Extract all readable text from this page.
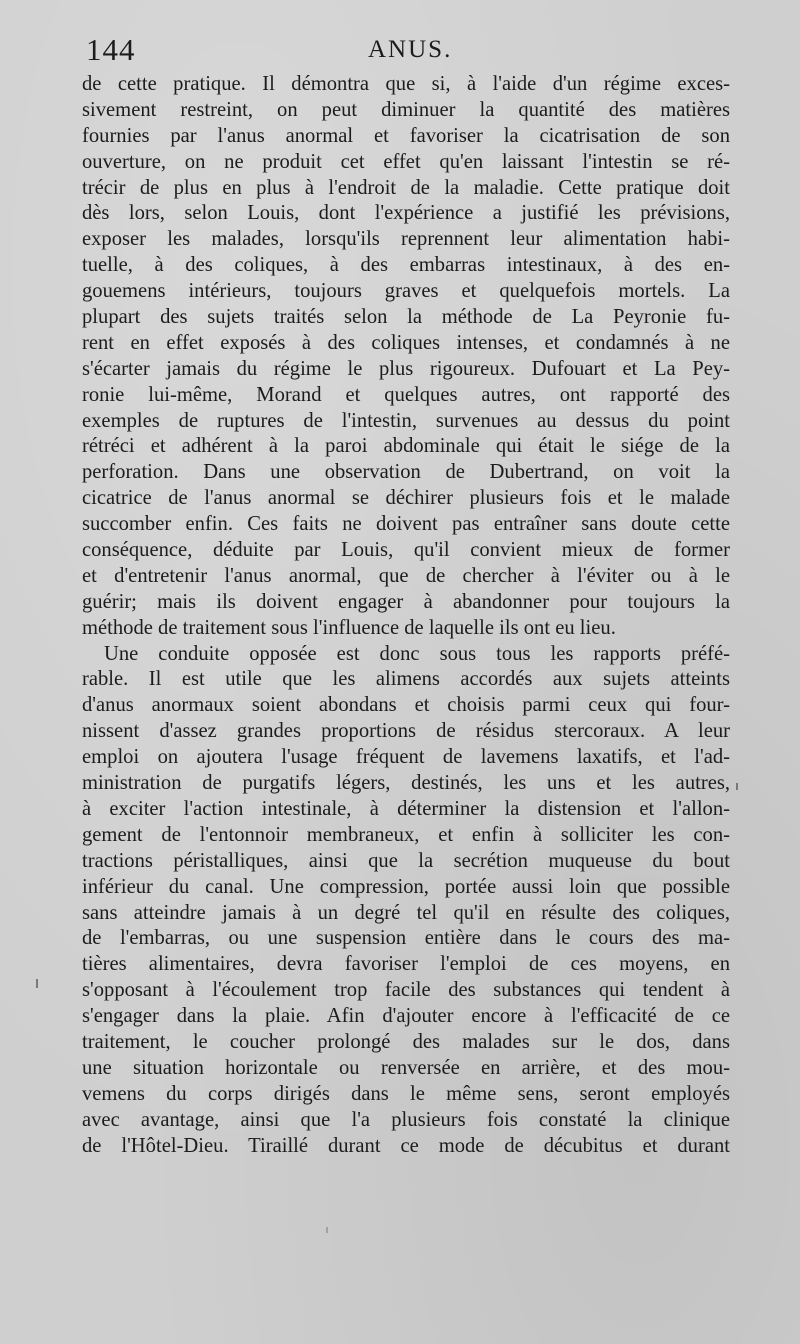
144	ANUS.
de cette pratique. Il démontra que si, à l'aide d'un régime exces-
sivement restreint, on peut diminuer la quantité des matières
fournies par l'anus anormal et favoriser la cicatrisation de son
ouverture, on ne produit cet effet qu'en laissant l'intestin se ré-
trécir de plus en plus à l'endroit de la maladie. Cette pratique doit
dès lors, selon Louis, dont l'expérience a justifié les prévisions,
exposer les malades, lorsqu'ils reprennent leur alimentation habi-
tuelle, à des coliques, à des embarras intestinaux, à des en-
gouemens intérieurs, toujours graves et quelquefois mortels. La
plupart des sujets traités selon la méthode de La Peyronie fu-
rent en effet exposés à des coliques intenses, et condamnés à ne
s'écarter jamais du régime le plus rigoureux. Dufouart et La Pey-
ronie lui-même, Morand et quelques autres, ont rapporté des
exemples de ruptures de l'intestin, survenues au dessus du point
rétréci et adhérent à la paroi abdominale qui était le siége de la
perforation. Dans une observation de Dubertrand, on voit la
cicatrice de l'anus anormal se déchirer plusieurs fois et le malade
succomber enfin. Ces faits ne doivent pas entraîner sans doute cette
conséquence, déduite par Louis, qu'il convient mieux de former
et d'entretenir l'anus anormal, que de chercher à l'éviter ou à le
guérir; mais ils doivent engager à abandonner pour toujours la
méthode de traitement sous l'influence de laquelle ils ont eu lieu.
Une conduite opposée est donc sous tous les rapports préfé-
rable. Il est utile que les alimens accordés aux sujets atteints
d'anus anormaux soient abondans et choisis parmi ceux qui four-
nissent d'assez grandes proportions de résidus stercoraux. A leur
emploi on ajoutera l'usage fréquent de lavemens laxatifs, et l'ad-
ministration de purgatifs légers, destinés, les uns et les autres,
à exciter l'action intestinale, à déterminer la distension et l'allon-
gement de l'entonnoir membraneux, et enfin à solliciter les con-
tractions péristalliques, ainsi que la secrétion muqueuse du bout
inférieur du canal. Une compression, portée aussi loin que possible
sans atteindre jamais à un degré tel qu'il en résulte des coliques,
de l'embarras, ou une suspension entière dans le cours des ma-
tières alimentaires, devra favoriser l'emploi de ces moyens, en
s'opposant à l'écoulement trop facile des substances qui tendent à
s'engager dans la plaie. Afin d'ajouter encore à l'efficacité de ce
traitement, le coucher prolongé des malades sur le dos, dans
une situation horizontale ou renversée en arrière, et des mou-
vemens du corps dirigés dans le même sens, seront employés
avec avantage, ainsi que l'a plusieurs fois constaté la clinique
de l'Hôtel-Dieu. Tiraillé durant ce mode de décubitus et durant
